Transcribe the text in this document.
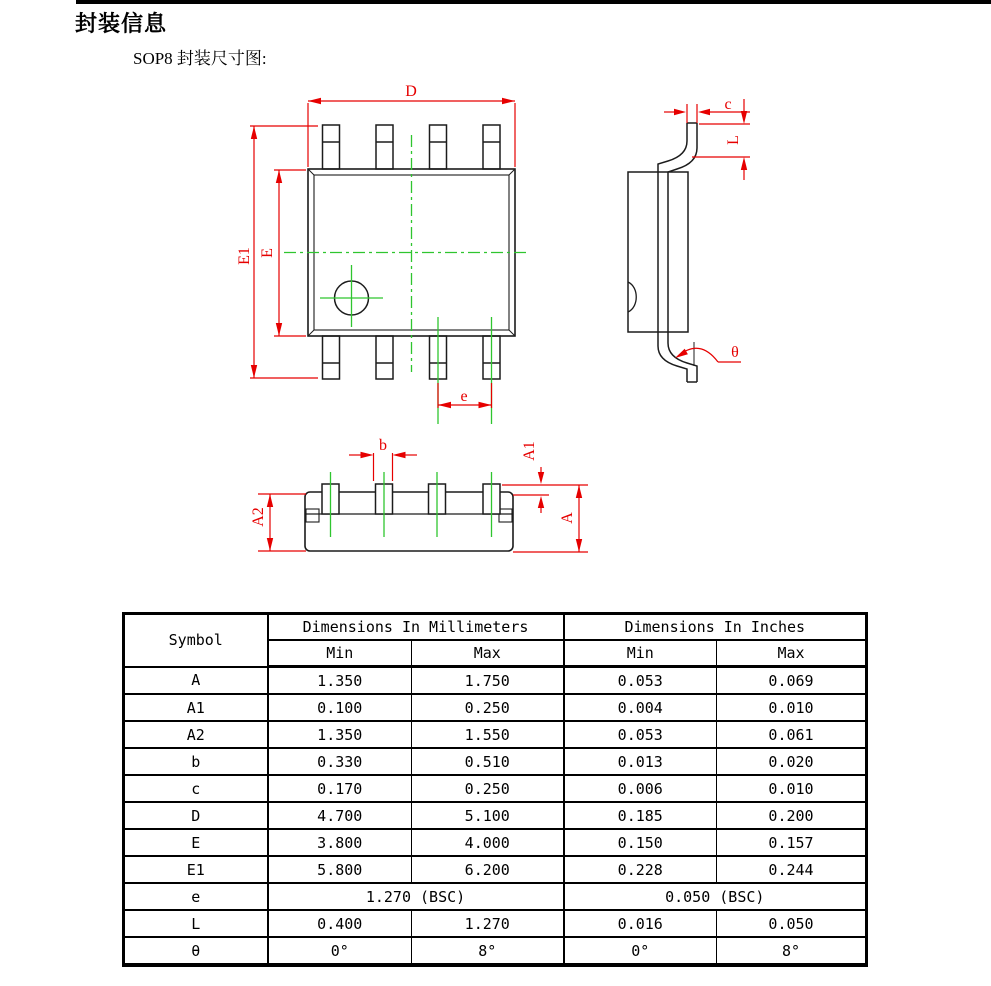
封装信息
SOP8 封装尺寸图:
D
E1 E
e
c
L
θ
b	A1
A2	A
Symbol	Dimensions In Millimeters		Dimensions In Inches	
	Min	Max	Min	Max
A	1.350	1.750	0.053	0.069
A1	0.100	0.250	0.004	0.010
A2	1.350	1.550	0.053	0.061
b	0.330	0.510	0.013	0.020
c	0.170	0.250	0.006	0.010
D	4.700	5.100	0.185	0.200
E	3.800	4.000	0.150	0.157
E1	5.800	6.200	0.228	0.244
e	1.270 (BSC)		0.050 (BSC)	
L	0.400	1.270	0.016	0.050
θ	0°	8°	0°	8°
